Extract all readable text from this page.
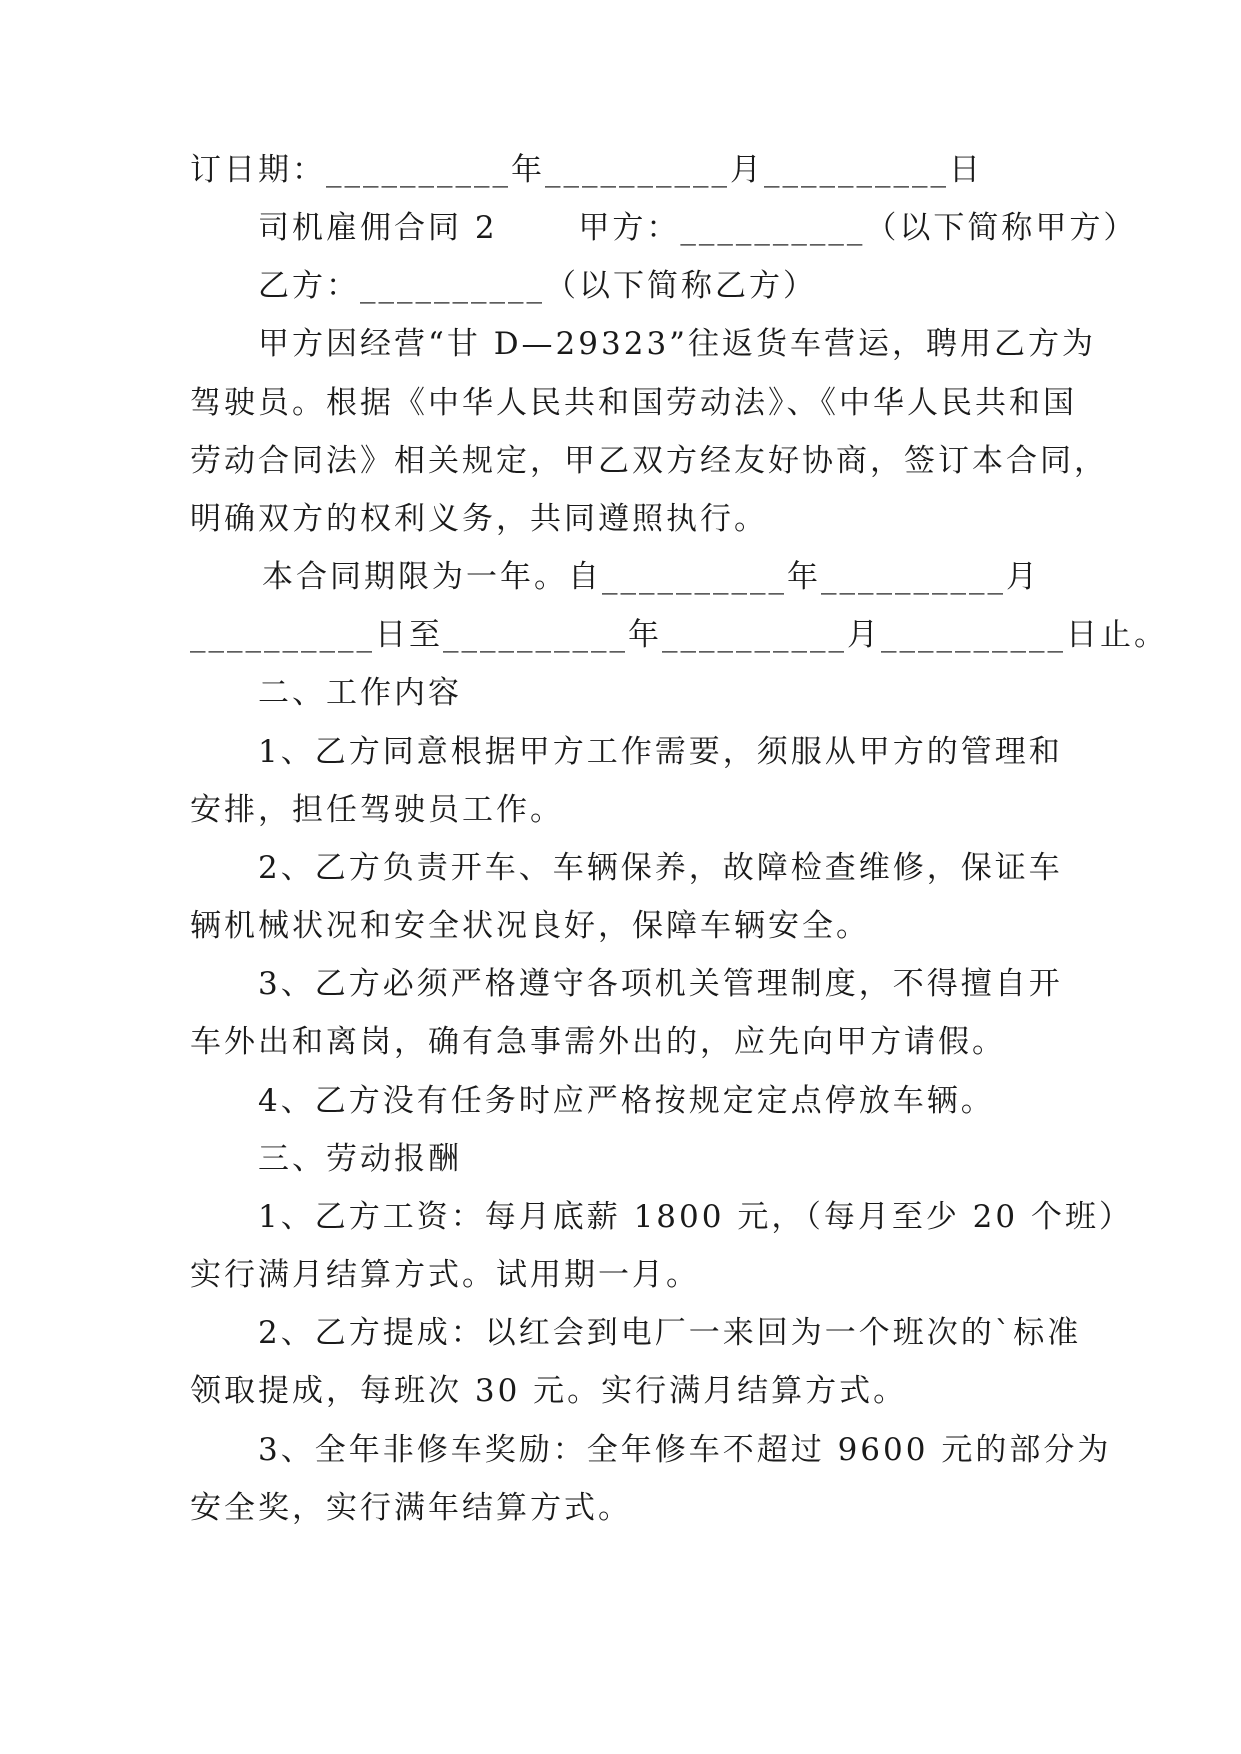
订日期：__________年__________月__________日
司机雇佣合同 2　　 甲方：__________（以下简称甲方）
乙方：__________（以下简称乙方）
甲方因经营“甘 D—29323”往返货车营运，聘用乙方为
驾驶员。根据《中华人民共和国劳动法》、《中华人民共和国
劳动合同法》相关规定，甲乙双方经友好协商，签订本合同，
明确双方的权利义务，共同遵照执行。
本合同期限为一年。自__________年__________月
__________日至__________年__________月__________日止。
二、工作内容
1、乙方同意根据甲方工作需要，须服从甲方的管理和
安排，担任驾驶员工作。
2、乙方负责开车、车辆保养，故障检查维修，保证车
辆机械状况和安全状况良好，保障车辆安全。
3、乙方必须严格遵守各项机关管理制度，不得擅自开
车外出和离岗，确有急事需外出的，应先向甲方请假。
4、乙方没有任务时应严格按规定定点停放车辆。
三、劳动报酬
1、乙方工资：每月底薪 1800 元，（每月至少 20 个班）
实行满月结算方式。试用期一月。
2、乙方提成：以红会到电厂一来回为一个班次的`标准
领取提成，每班次 30 元。实行满月结算方式。
3、全年非修车奖励：全年修车不超过 9600 元的部分为
安全奖，实行满年结算方式。
